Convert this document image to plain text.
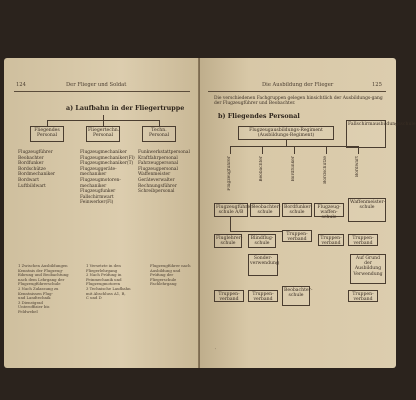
124	Der Flieger und Soldat
a) Laufbahn in der Fliegertruppe
Fliegendes Personal
Fliegertechn. Personal
Techn. Personal
Flugzeugführer
Beobachter
Bordfunker
Bordschütze
Bordmechaniker
Bordwart
Luftbildwart
Flugzeugmechaniker
Flugzeugmechaniker(Fl)
Flugzeugmechaniker(T)
Flugzeuggeräte-
mechaniker
Flugzeugmotoren-
mechaniker
Flugzeugfunker
Fallschirmwart
Feinwerker(Fl)
Funkwerkstattpersonal
Kraftfahrpersonal
Fahrzeugpersonal
Flugzeugpersonal
Waffenmeister
Geräteverwalter
Rechnungsführer
Schreibpersonal
1 Zwischen Ausbildungen
Kenntnis der Flugzeug-
führung und Beobachtung
nach dem Lehrgang der
Flugzeugführerschule
2 Nach Zulassung zu
Kenntnissen Flug-
und Landtechnik
3 Dienstgrad
Unteroffizier bis
Feldwebel
1 Versetzte in den
Fliegerlehrgang
2 Nach Prüfung in
Feinmechanik und
Flugzeugmotoren
3 Technische Laufbahn
mit Abschluss A1, B,
C und D
Flugzeugführer nach
Ausbildung und
Prüfung der
Fliegerschule
Fachlehrgang
Die Ausbildung der Flieger	125
Die verschiedenen Fachgruppen gelegen hinsichtlich der Ausbildungs-gang der Flugzeugführer und Beobachter.
b) Fliegendes Personal
Flugzeugausbildungs-Regiment (Ausbildungs-Regiment)
Fallschirmausbildungsschule
Flugzeugführer	Beobachter	Bordfunker	Bordschütze	Bordwart
Flugzeugführer-schule A/B
Beobachter-schule
Bordfunker-schule
Flugzeug-waffen-schule
Waffenmeister-schule
Fluglehrer-schule
Blindflug-schule
Truppen-verband
Sonder-verwendung
Truppen-verband
Truppen-verband
Auf Grund der Ausbildung Verwendung
Truppen-verband
Truppen-verband
Beobachter-schule	Truppen-verband
˙
